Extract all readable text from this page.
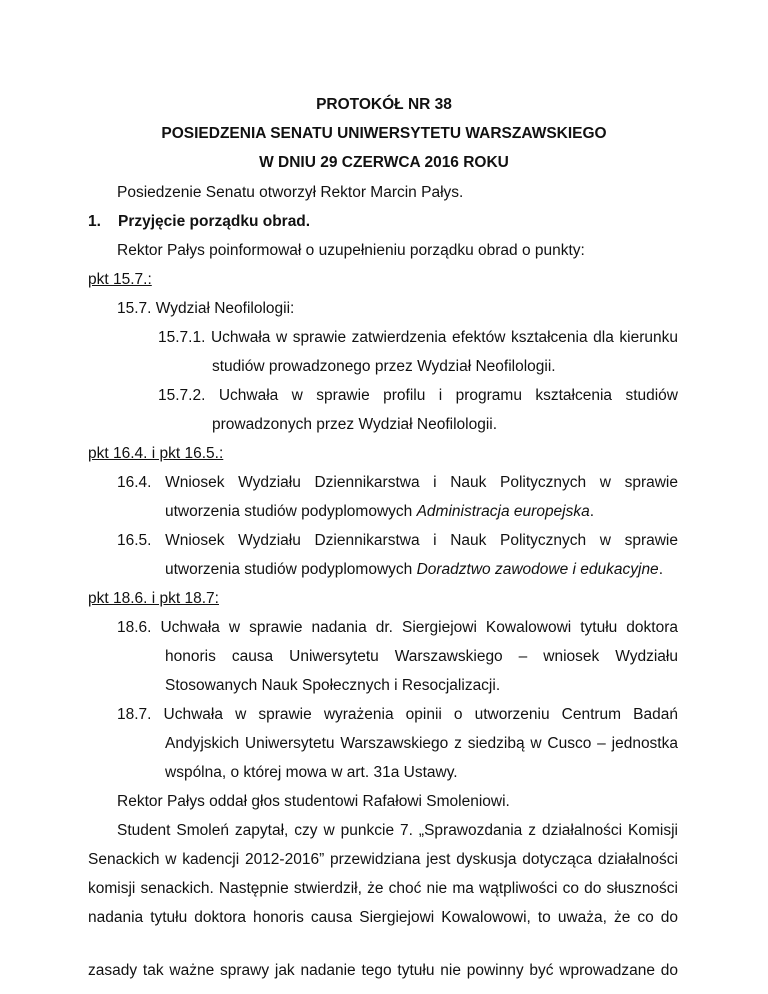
PROTOKÓŁ NR 38
POSIEDZENIA SENATU UNIWERSYTETU WARSZAWSKIEGO
W DNIU 29 CZERWCA 2016 ROKU
Posiedzenie Senatu otworzył Rektor Marcin Pałys.
1. Przyjęcie porządku obrad.
Rektor Pałys poinformował o uzupełnieniu porządku obrad o punkty:
pkt 15.7.:
15.7. Wydział Neofilologii:
15.7.1. Uchwała w sprawie zatwierdzenia efektów kształcenia dla kierunku
studiów prowadzonego przez Wydział Neofilologii.
15.7.2. Uchwała w sprawie profilu i programu kształcenia studiów
prowadzonych przez Wydział Neofilologii.
pkt 16.4. i pkt 16.5.:
16.4. Wniosek Wydziału Dziennikarstwa i Nauk Politycznych w sprawie
utworzenia studiów podyplomowych Administracja europejska.
16.5. Wniosek Wydziału Dziennikarstwa i Nauk Politycznych w sprawie
utworzenia studiów podyplomowych Doradztwo zawodowe i edukacyjne.
pkt 18.6. i pkt 18.7:
18.6. Uchwała w sprawie nadania dr. Siergiejowi Kowalowowi tytułu doktora
honoris causa Uniwersytetu Warszawskiego – wniosek Wydziału
Stosowanych Nauk Społecznych i Resocjalizacji.
18.7. Uchwała w sprawie wyrażenia opinii o utworzeniu Centrum Badań
Andyjskich Uniwersytetu Warszawskiego z siedzibą w Cusco – jednostka
wspólna, o której mowa w art. 31a Ustawy.
Rektor Pałys oddał głos studentowi Rafałowi Smoleniowi.
Student Smoleń zapytał, czy w punkcie 7. „Sprawozdania z działalności Komisji
Senackich w kadencji 2012-2016” przewidziana jest dyskusja dotycząca działalności
komisji senackich. Następnie stwierdził, że choć nie ma wątpliwości co do słuszności
nadania tytułu doktora honoris causa Siergiejowi Kowalowowi, to uważa, że co do
zasady tak ważne sprawy jak nadanie tego tytułu nie powinny być wprowadzane do
